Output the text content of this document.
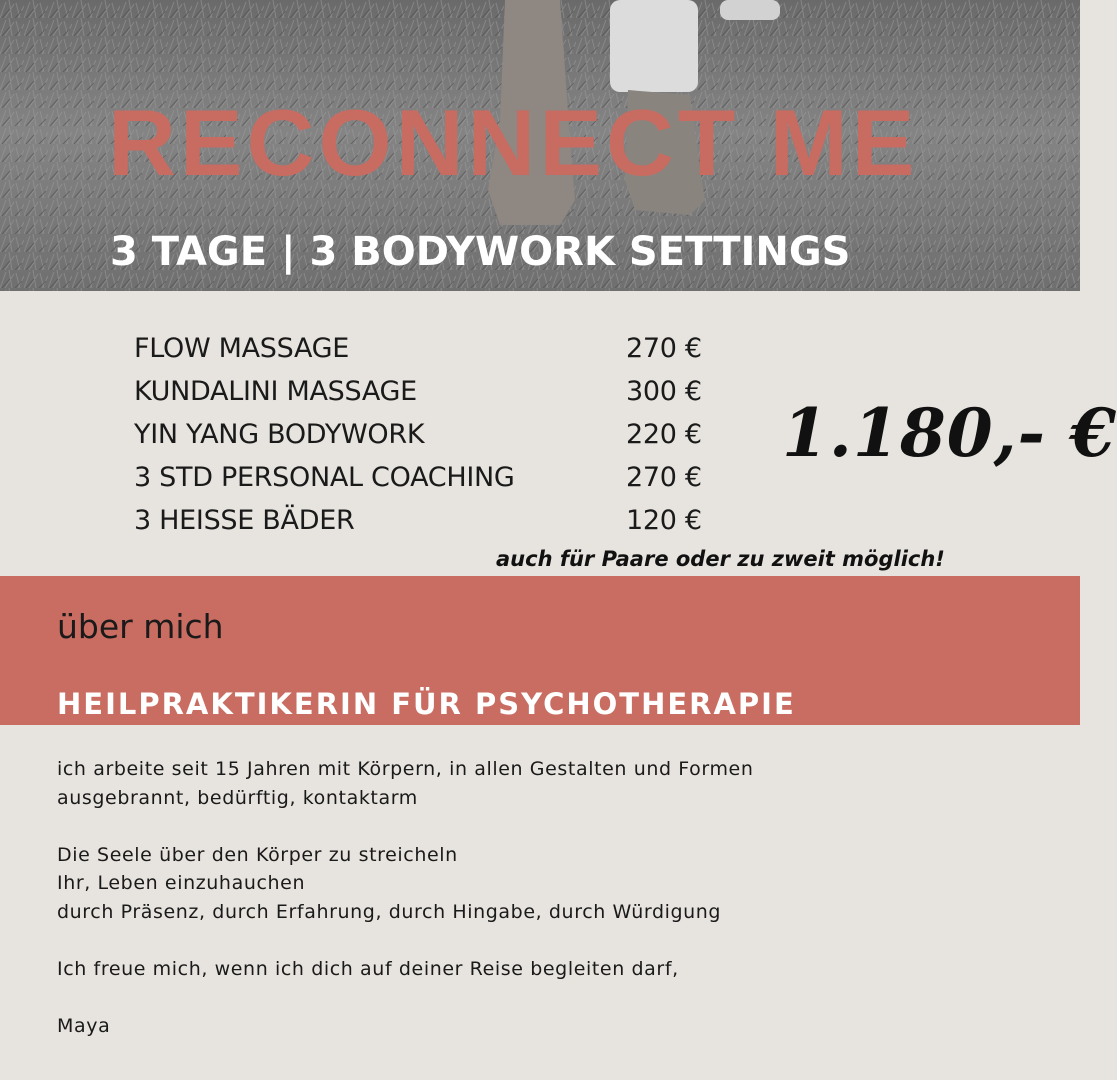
RECONNECT ME
3 TAGE | 3 BODYWORK SETTINGS
FLOW MASSAGE	270 €
KUNDALINI MASSAGE	300 €
YIN YANG BODYWORK	220 €
3 STD PERSONAL COACHING	270 €
3 HEISSE BÄDER	120 €
1.180,- €
auch für Paare oder zu zweit möglich!
über mich
HEILPRAKTIKERIN FÜR PSYCHOTHERAPIE
ich arbeite seit 15 Jahren mit Körpern, in allen Gestalten und Formen
ausgebrannt, bedürftig, kontaktarm
Die Seele über den Körper zu streicheln
Ihr, Leben einzuhauchen
durch Präsenz, durch Erfahrung, durch Hingabe, durch Würdigung
Ich freue mich, wenn ich dich auf deiner Reise begleiten darf,
Maya
